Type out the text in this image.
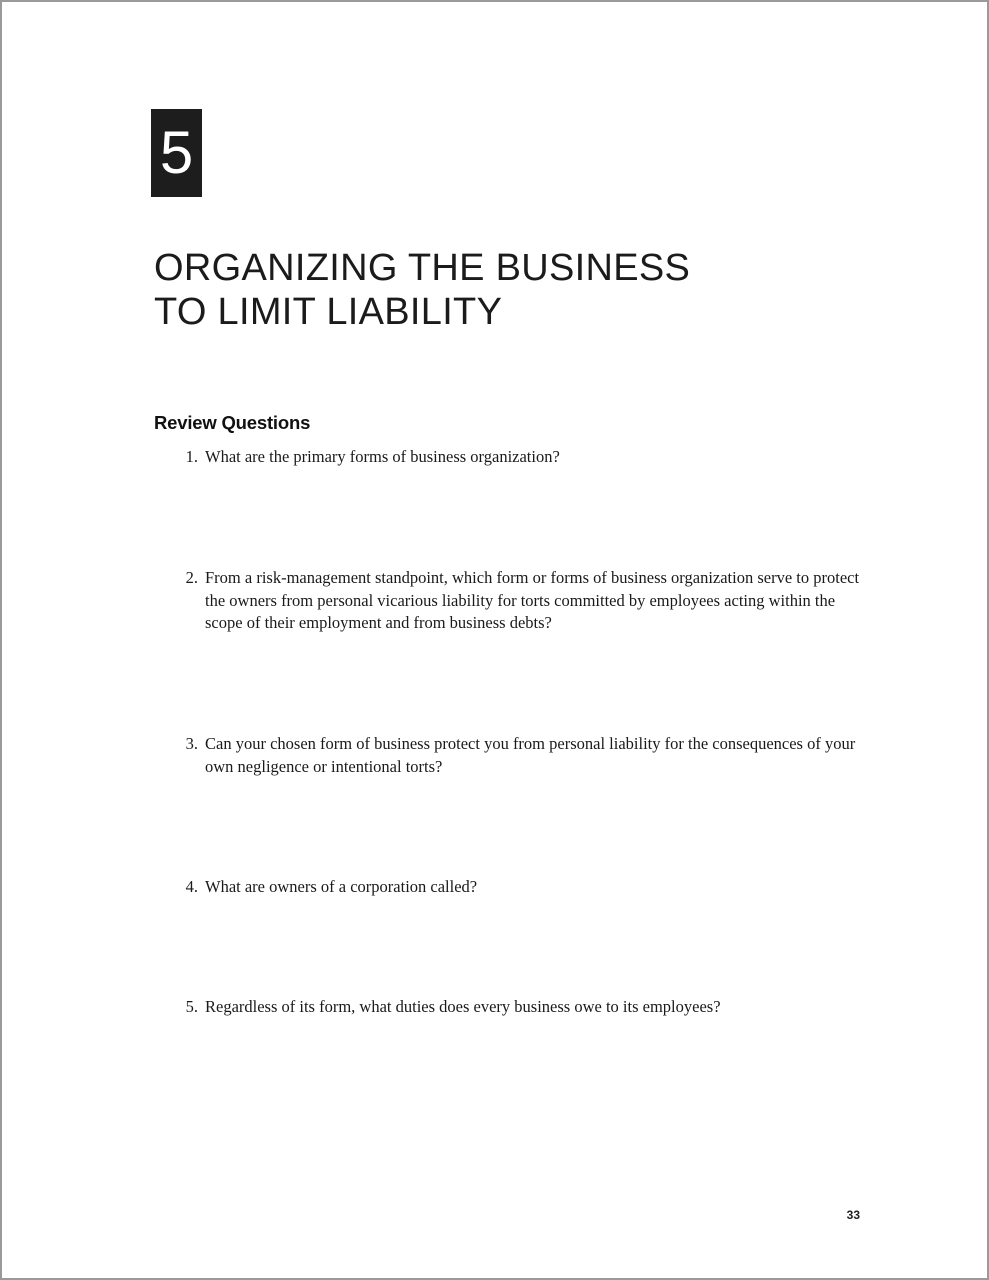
5
ORGANIZING THE BUSINESS
TO LIMIT LIABILITY
Review Questions
1. What are the primary forms of business organization?
2. From a risk-management standpoint, which form or forms of business organization serve to protect the owners from personal vicarious liability for torts committed by employees acting within the scope of their employment and from business debts?
3. Can your chosen form of business protect you from personal liability for the consequences of your own negligence or intentional torts?
4. What are owners of a corporation called?
5. Regardless of its form, what duties does every business owe to its employees?
33
